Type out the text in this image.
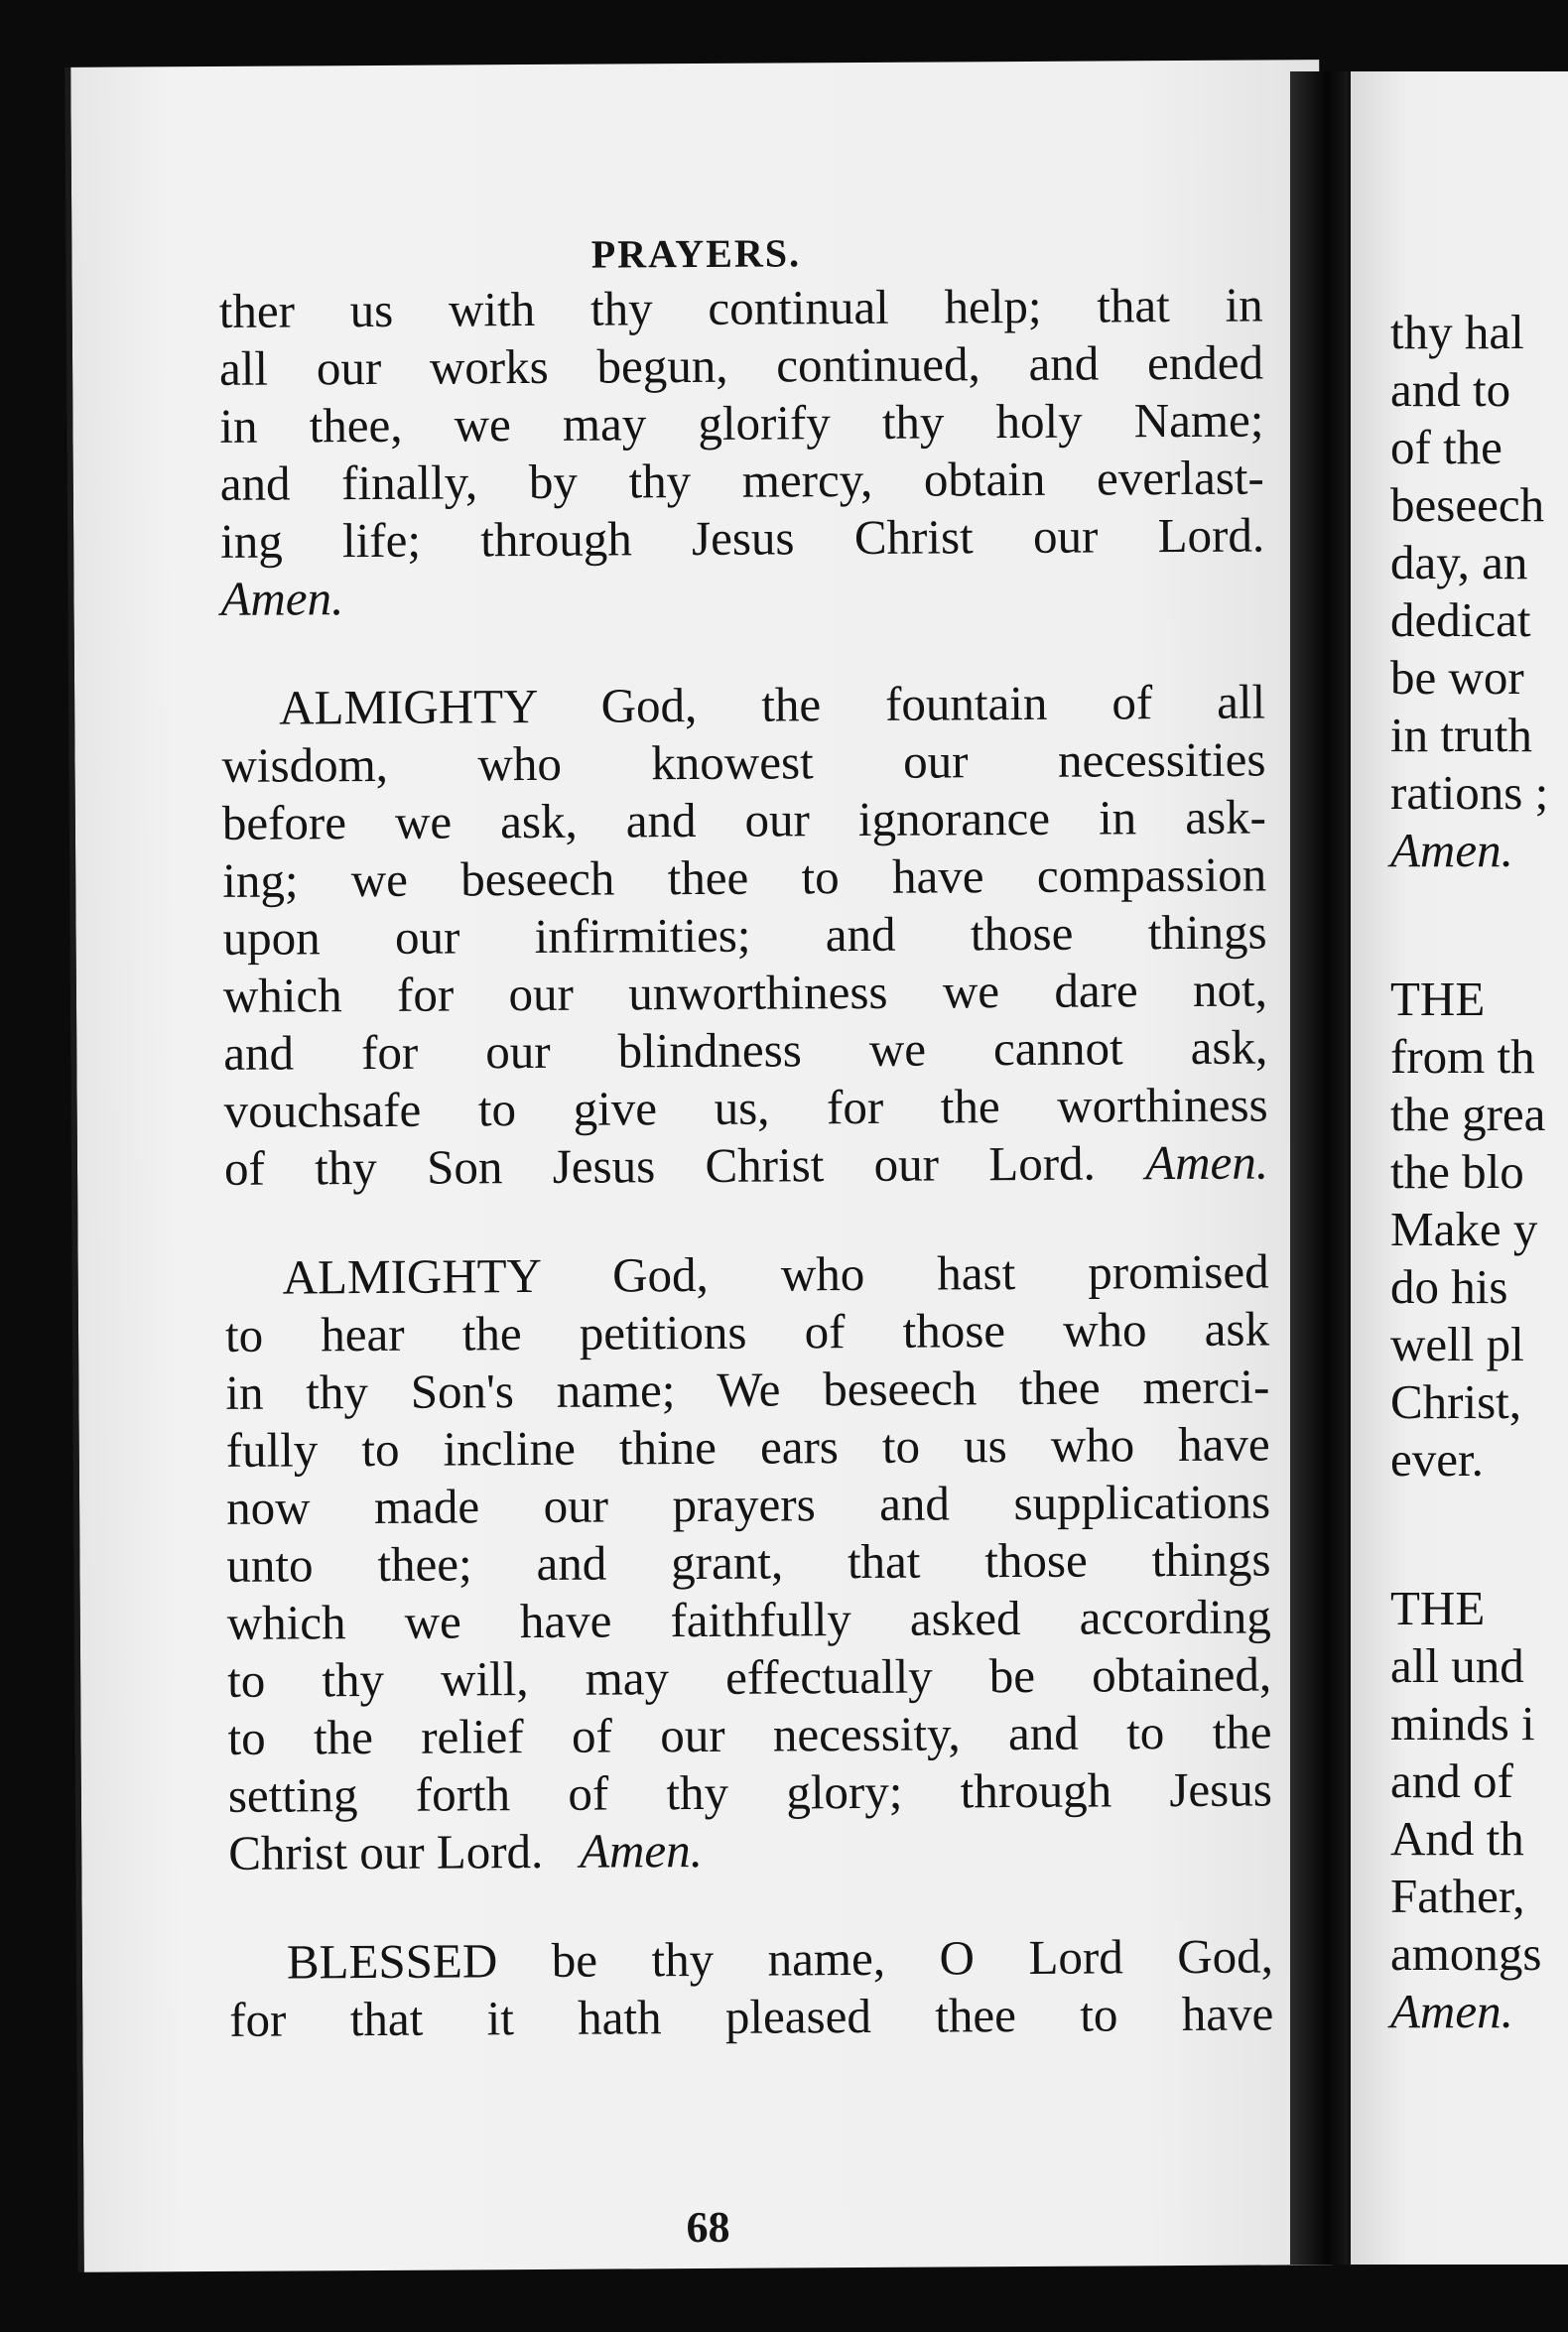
PRAYERS.

ther us with thy continual help; that in
all our works begun, continued, and ended
in thee, we may glorify thy holy Name;
and finally, by thy mercy, obtain everlast-
ing life; through Jesus Christ our Lord.
Amen.

ALMIGHTY God, the fountain of all
wisdom, who knowest our necessities
before we ask, and our ignorance in ask-
ing; we beseech thee to have compassion
upon our infirmities; and those things
which for our unworthiness we dare not,
and for our blindness we cannot ask,
vouchsafe to give us, for the worthiness
of thy Son Jesus Christ our Lord. Amen.

ALMIGHTY God, who hast promised
to hear the petitions of those who ask
in thy Son's name; We beseech thee merci-
fully to incline thine ears to us who have
now made our prayers and supplications
unto thee; and grant, that those things
which we have faithfully asked according
to thy will, may effectually be obtained,
to the relief of our necessity, and to the
setting forth of thy glory; through Jesus
Christ our Lord. Amen.

BLESSED be thy name, O Lord God,
for that it hath pleased thee to have

68
thy hal
and to
of the
beseech
day, an
dedicat
be wor
in truth
rations ;
Amen.
THE
from th
the grea
the blo
Make y
do his
well pl
Christ,
ever.
THE
all und
minds i
and of
And th
Father,
amongs
Amen.
